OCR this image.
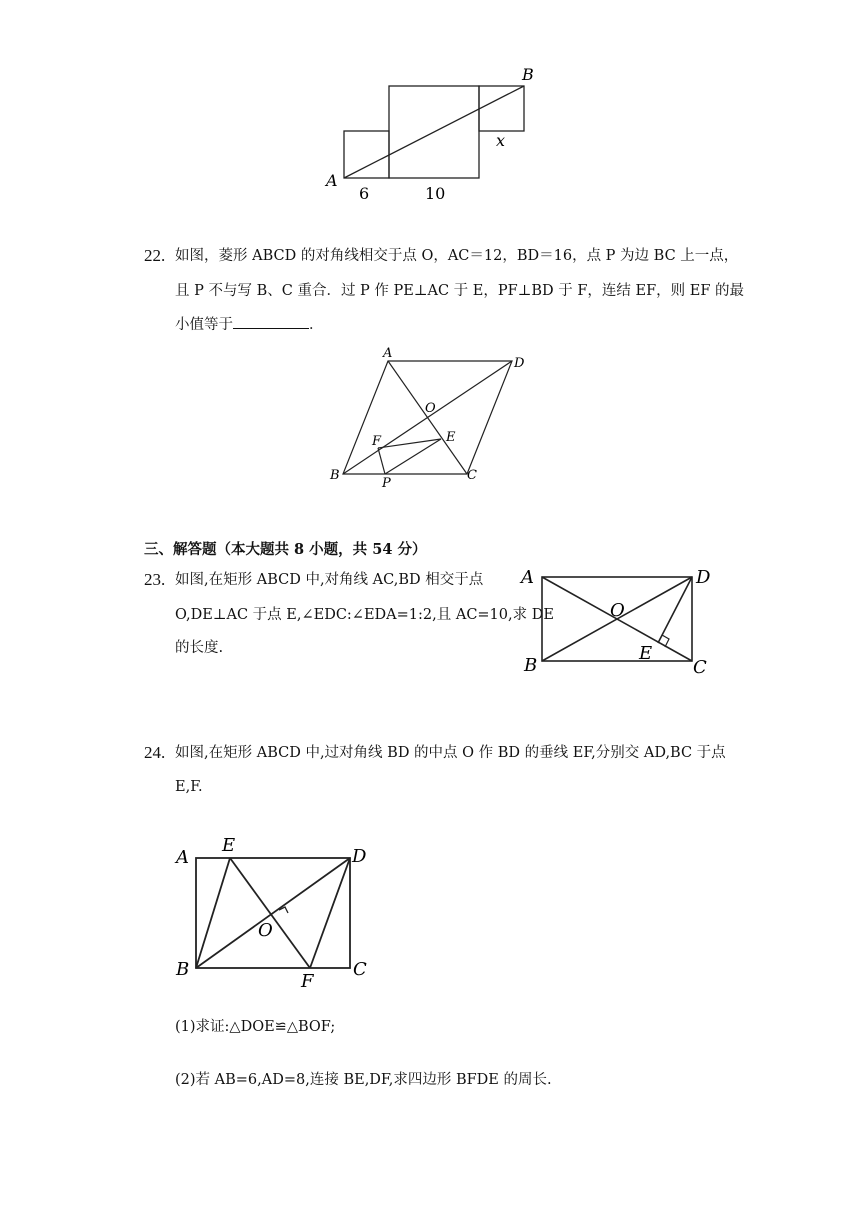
A
B
x
6	10
22. 如图，菱形 ABCD 的对角线相交于点 O，AC＝12，BD＝16，点 P 为边 BC 上一点，
且 P 不与写 B、C 重合．过 P 作 PE⊥AC 于 E，PF⊥BD 于 F，连结 EF，则 EF 的最
小值等于	．
A
D
O
F	E
B
P
C
三、解答题（本大题共 8 小题，共 54 分）
23. 如图,在矩形 ABCD 中,对角线 AC,BD 相交于点
O,DE⊥AC 于点 E,∠EDC:∠EDA=1:2,且 AC=10,求 DE
的长度.
A	D
O
E
B	C
24. 如图,在矩形 ABCD 中,过对角线 BD 的中点 O 作 BD 的垂线 EF,分别交 AD,BC 于点
E,F.
A
E
D
O
B
F
C
(1)求证:△DOE≌△BOF;
(2)若 AB=6,AD=8,连接 BE,DF,求四边形 BFDE 的周长.
